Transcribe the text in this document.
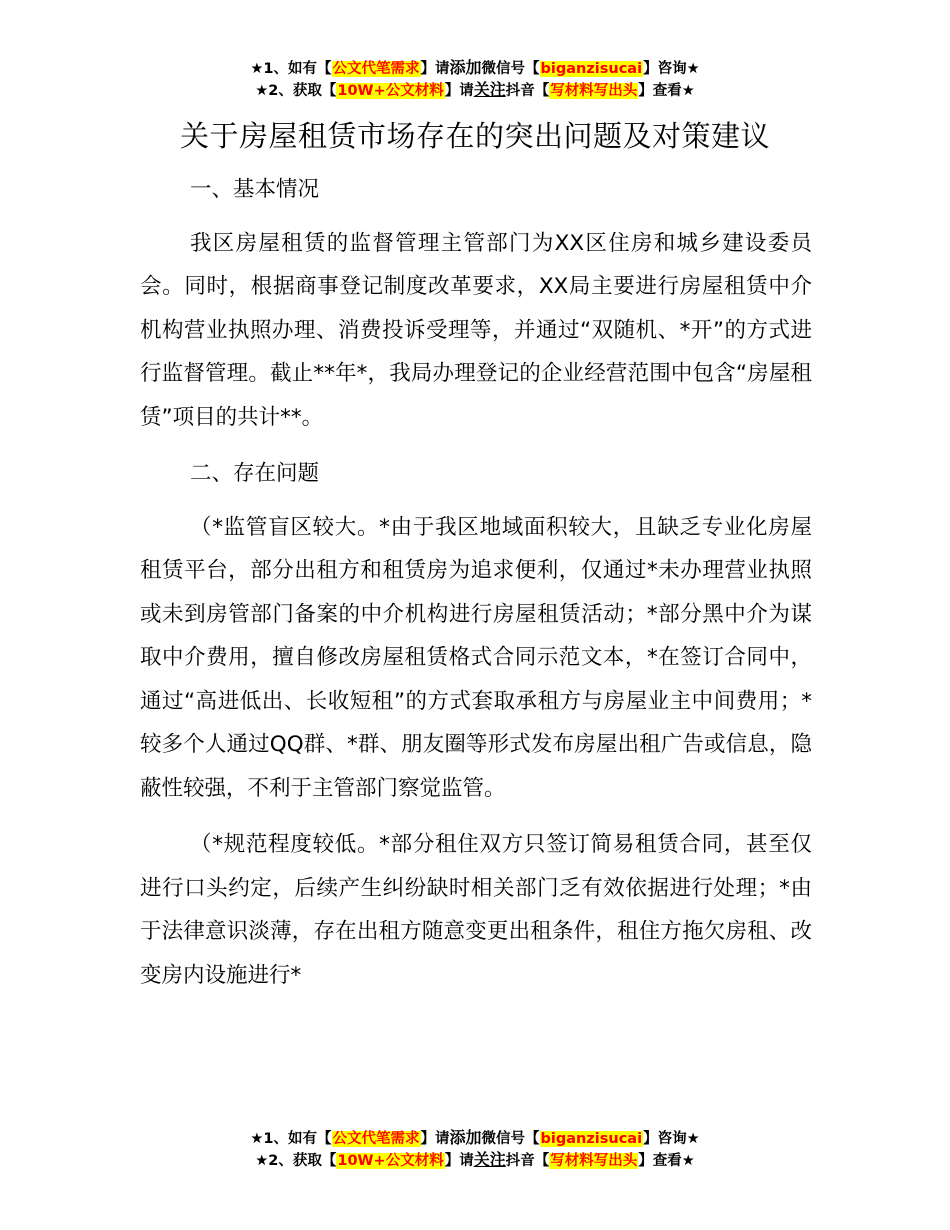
★1、如有【公文代笔需求】请添加微信号【biganzisucai】咨询★
★2、获取【10W+公文材料】请关注抖音【写材料写出头】查看★
关于房屋租赁市场存在的突出问题及对策建议

一、基本情况

我区房屋租赁的监督管理主管部门为XX区住房和城乡建设委员会。同时，根据商事登记制度改革要求，XX局主要进行房屋租赁中介机构营业执照办理、消费投诉受理等，并通过“双随机、*开”的方式进行监督管理。截止**年*，我局办理登记的企业经营范围中包含“房屋租赁”项目的共计**。

二、存在问题

（*监管盲区较大。*由于我区地域面积较大，且缺乏专业化房屋租赁平台，部分出租方和租赁房为追求便利，仅通过*未办理营业执照或未到房管部门备案的中介机构进行房屋租赁活动；*部分黑中介为谋取中介费用，擅自修改房屋租赁格式合同示范文本，*在签订合同中，通过“高进低出、长收短租”的方式套取承租方与房屋业主中间费用；*较多个人通过QQ群、*群、朋友圈等形式发布房屋出租广告或信息，隐蔽性较强，不利于主管部门察觉监管。

（*规范程度较低。*部分租住双方只签订简易租赁合同，甚至仅进行口头约定，后续产生纠纷缺时相关部门乏有效依据进行处理；*由于法律意识淡薄，存在出租方随意变更出租条件，租住方拖欠房租、改变房内设施进行*

★1、如有【公文代笔需求】请添加微信号【biganzisucai】咨询★
★2、获取【10W+公文材料】请关注抖音【写材料写出头】查看★
